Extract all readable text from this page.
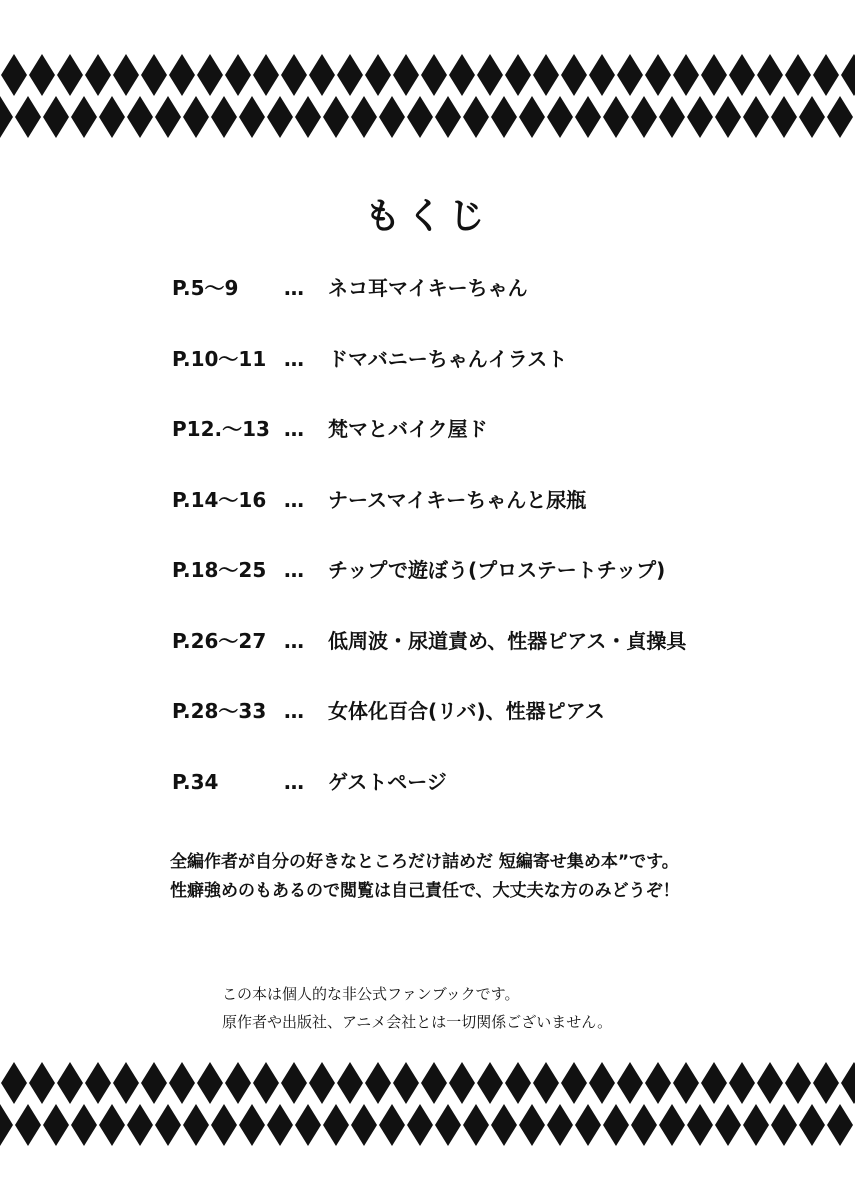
もくじ
P.5～9	…	ネコ耳マイキーちゃん
P.10～11 …	ドマバニーちゃんイラスト
P12.～13 …	梵マとバイク屋ド
P.14～16 …	ナースマイキーちゃんと尿瓶
P.18～25 …	チップで遊ぼう(プロステートチップ)
P.26～27 …	低周波・尿道責め、性器ピアス・貞操具
P.28～33 …	女体化百合(リバ)、性器ピアス
P.34	…	ゲストページ
全編作者が自分の好きなところだけ詰めだ 短編寄せ集め本”です。
性癖強めのもあるので閲覧は自己責任で、大丈夫な方のみどうぞ！
この本は個人的な非公式ファンブックです。
原作者や出版社、アニメ会社とは一切関係ございません。
